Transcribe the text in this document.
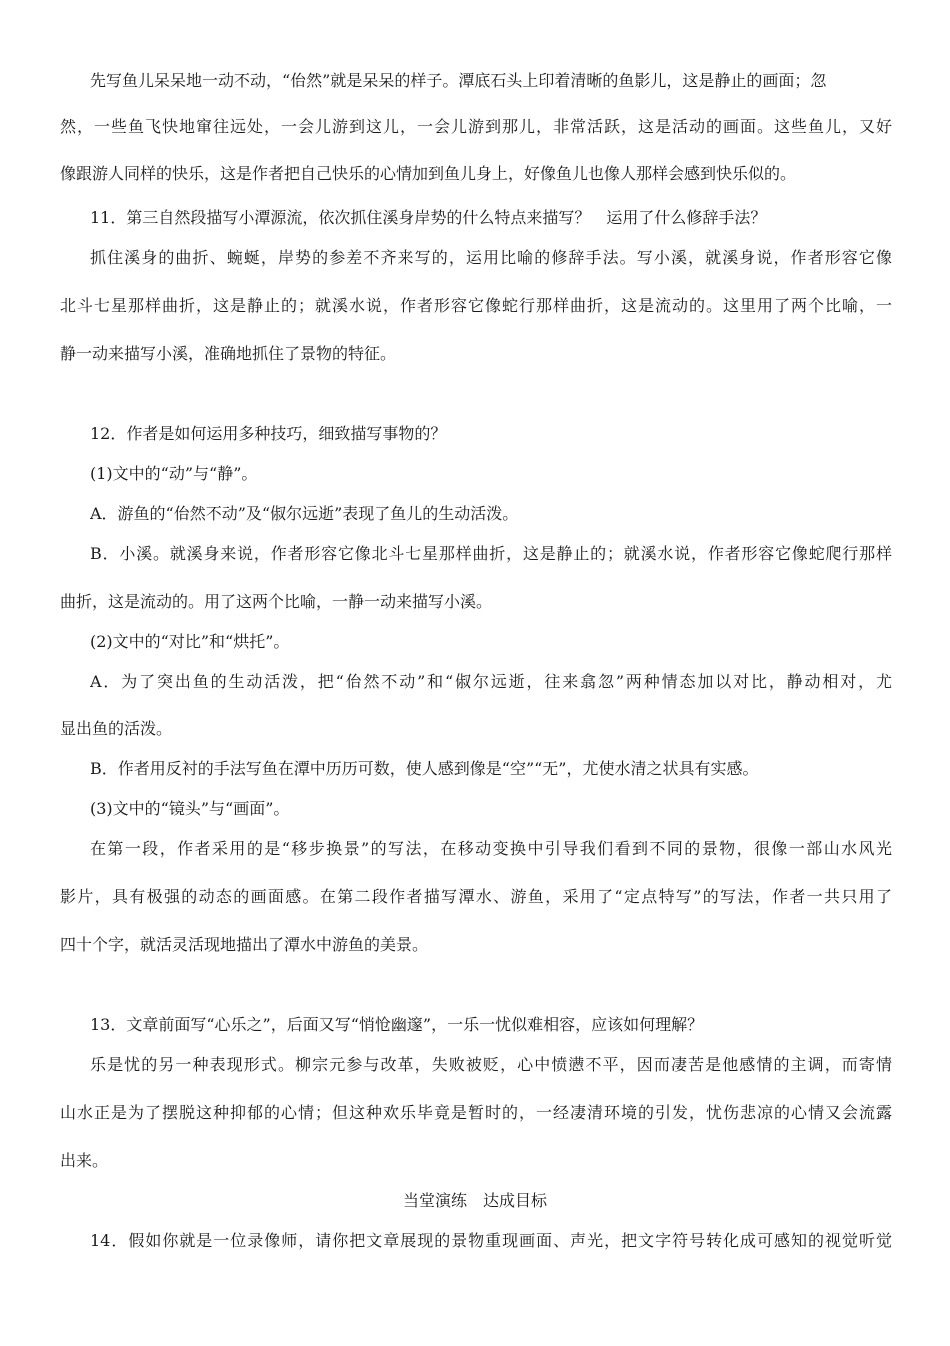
先写鱼儿呆呆地一动不动，“佁然”就是呆呆的样子。潭底石头上印着清晰的鱼影儿，这是静止的画面；忽
然，一些鱼飞快地窜往远处，一会儿游到这儿，一会儿游到那儿，非常活跃，这是活动的画面。这些鱼儿，又好
像跟游人同样的快乐，这是作者把自己快乐的心情加到鱼儿身上，好像鱼儿也像人那样会感到快乐似的。
11．第三自然段描写小潭源流，依次抓住溪身岸势的什么特点来描写？　运用了什么修辞手法？
抓住溪身的曲折、蜿蜒，岸势的参差不齐来写的，运用比喻的修辞手法。写小溪，就溪身说，作者形容它像
北斗七星那样曲折，这是静止的；就溪水说，作者形容它像蛇行那样曲折，这是流动的。这里用了两个比喻，一
静一动来描写小溪，准确地抓住了景物的特征。
12．作者是如何运用多种技巧，细致描写事物的？
(1)文中的“动”与“静”。
A．游鱼的“佁然不动”及“俶尔远逝”表现了鱼儿的生动活泼。
B．小溪。就溪身来说，作者形容它像北斗七星那样曲折，这是静止的；就溪水说，作者形容它像蛇爬行那样
曲折，这是流动的。用了这两个比喻，一静一动来描写小溪。
(2)文中的“对比”和“烘托”。
A．为了突出鱼的生动活泼，把“佁然不动”和“俶尔远逝，往来翕忽”两种情态加以对比，静动相对，尤
显出鱼的活泼。
B．作者用反衬的手法写鱼在潭中历历可数，使人感到像是“空”“无”，尤使水清之状具有实感。
(3)文中的“镜头”与“画面”。
在第一段，作者采用的是“移步换景”的写法，在移动变换中引导我们看到不同的景物，很像一部山水风光
影片，具有极强的动态的画面感。在第二段作者描写潭水、游鱼，采用了“定点特写”的写法，作者一共只用了
四十个字，就活灵活现地描出了潭水中游鱼的美景。
13．文章前面写“心乐之”，后面又写“悄怆幽邃”，一乐一忧似难相容，应该如何理解？
乐是忧的另一种表现形式。柳宗元参与改革，失败被贬，心中愤懑不平，因而凄苦是他感情的主调，而寄情
山水正是为了摆脱这种抑郁的心情；但这种欢乐毕竟是暂时的，一经凄清环境的引发，忧伤悲凉的心情又会流露
出来。
当堂演练　达成目标
14．假如你就是一位录像师，请你把文章展现的景物重现画面、声光，把文字符号转化成可感知的视觉听觉
